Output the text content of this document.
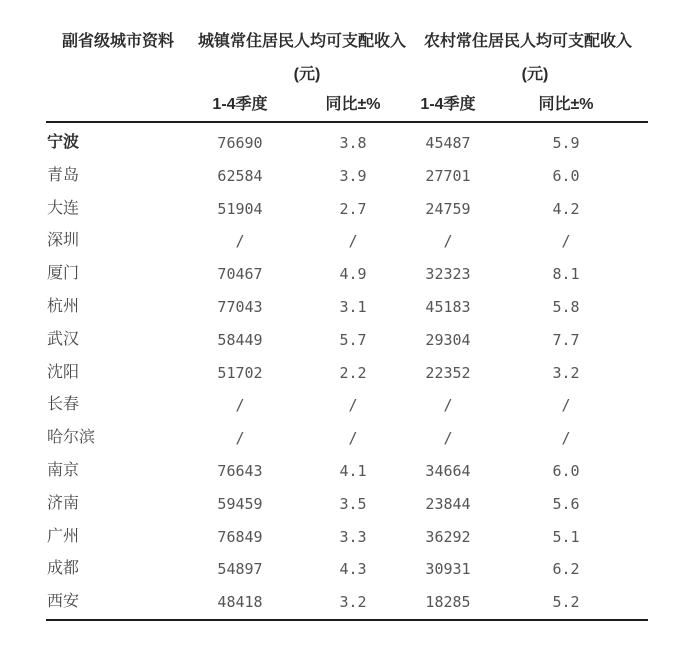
副省级城市资料 城镇常住居民人均可支配收入 农村常住居民人均可支配收入
(元)	(元)
1-4季度	同比±%	1-4季度	同比±%
宁波	76690	3.8	45487	5.9
青岛	62584	3.9	27701	6.0
大连	51904	2.7	24759	4.2
深圳	/	/	/	/
厦门	70467	4.9	32323	8.1
杭州	77043	3.1	45183	5.8
武汉	58449	5.7	29304	7.7
沈阳	51702	2.2	22352	3.2
长春	/	/	/	/
哈尔滨	/	/	/	/
南京	76643	4.1	34664	6.0
济南	59459	3.5	23844	5.6
广州	76849	3.3	36292	5.1
成都	54897	4.3	30931	6.2
西安	48418	3.2	18285	5.2
